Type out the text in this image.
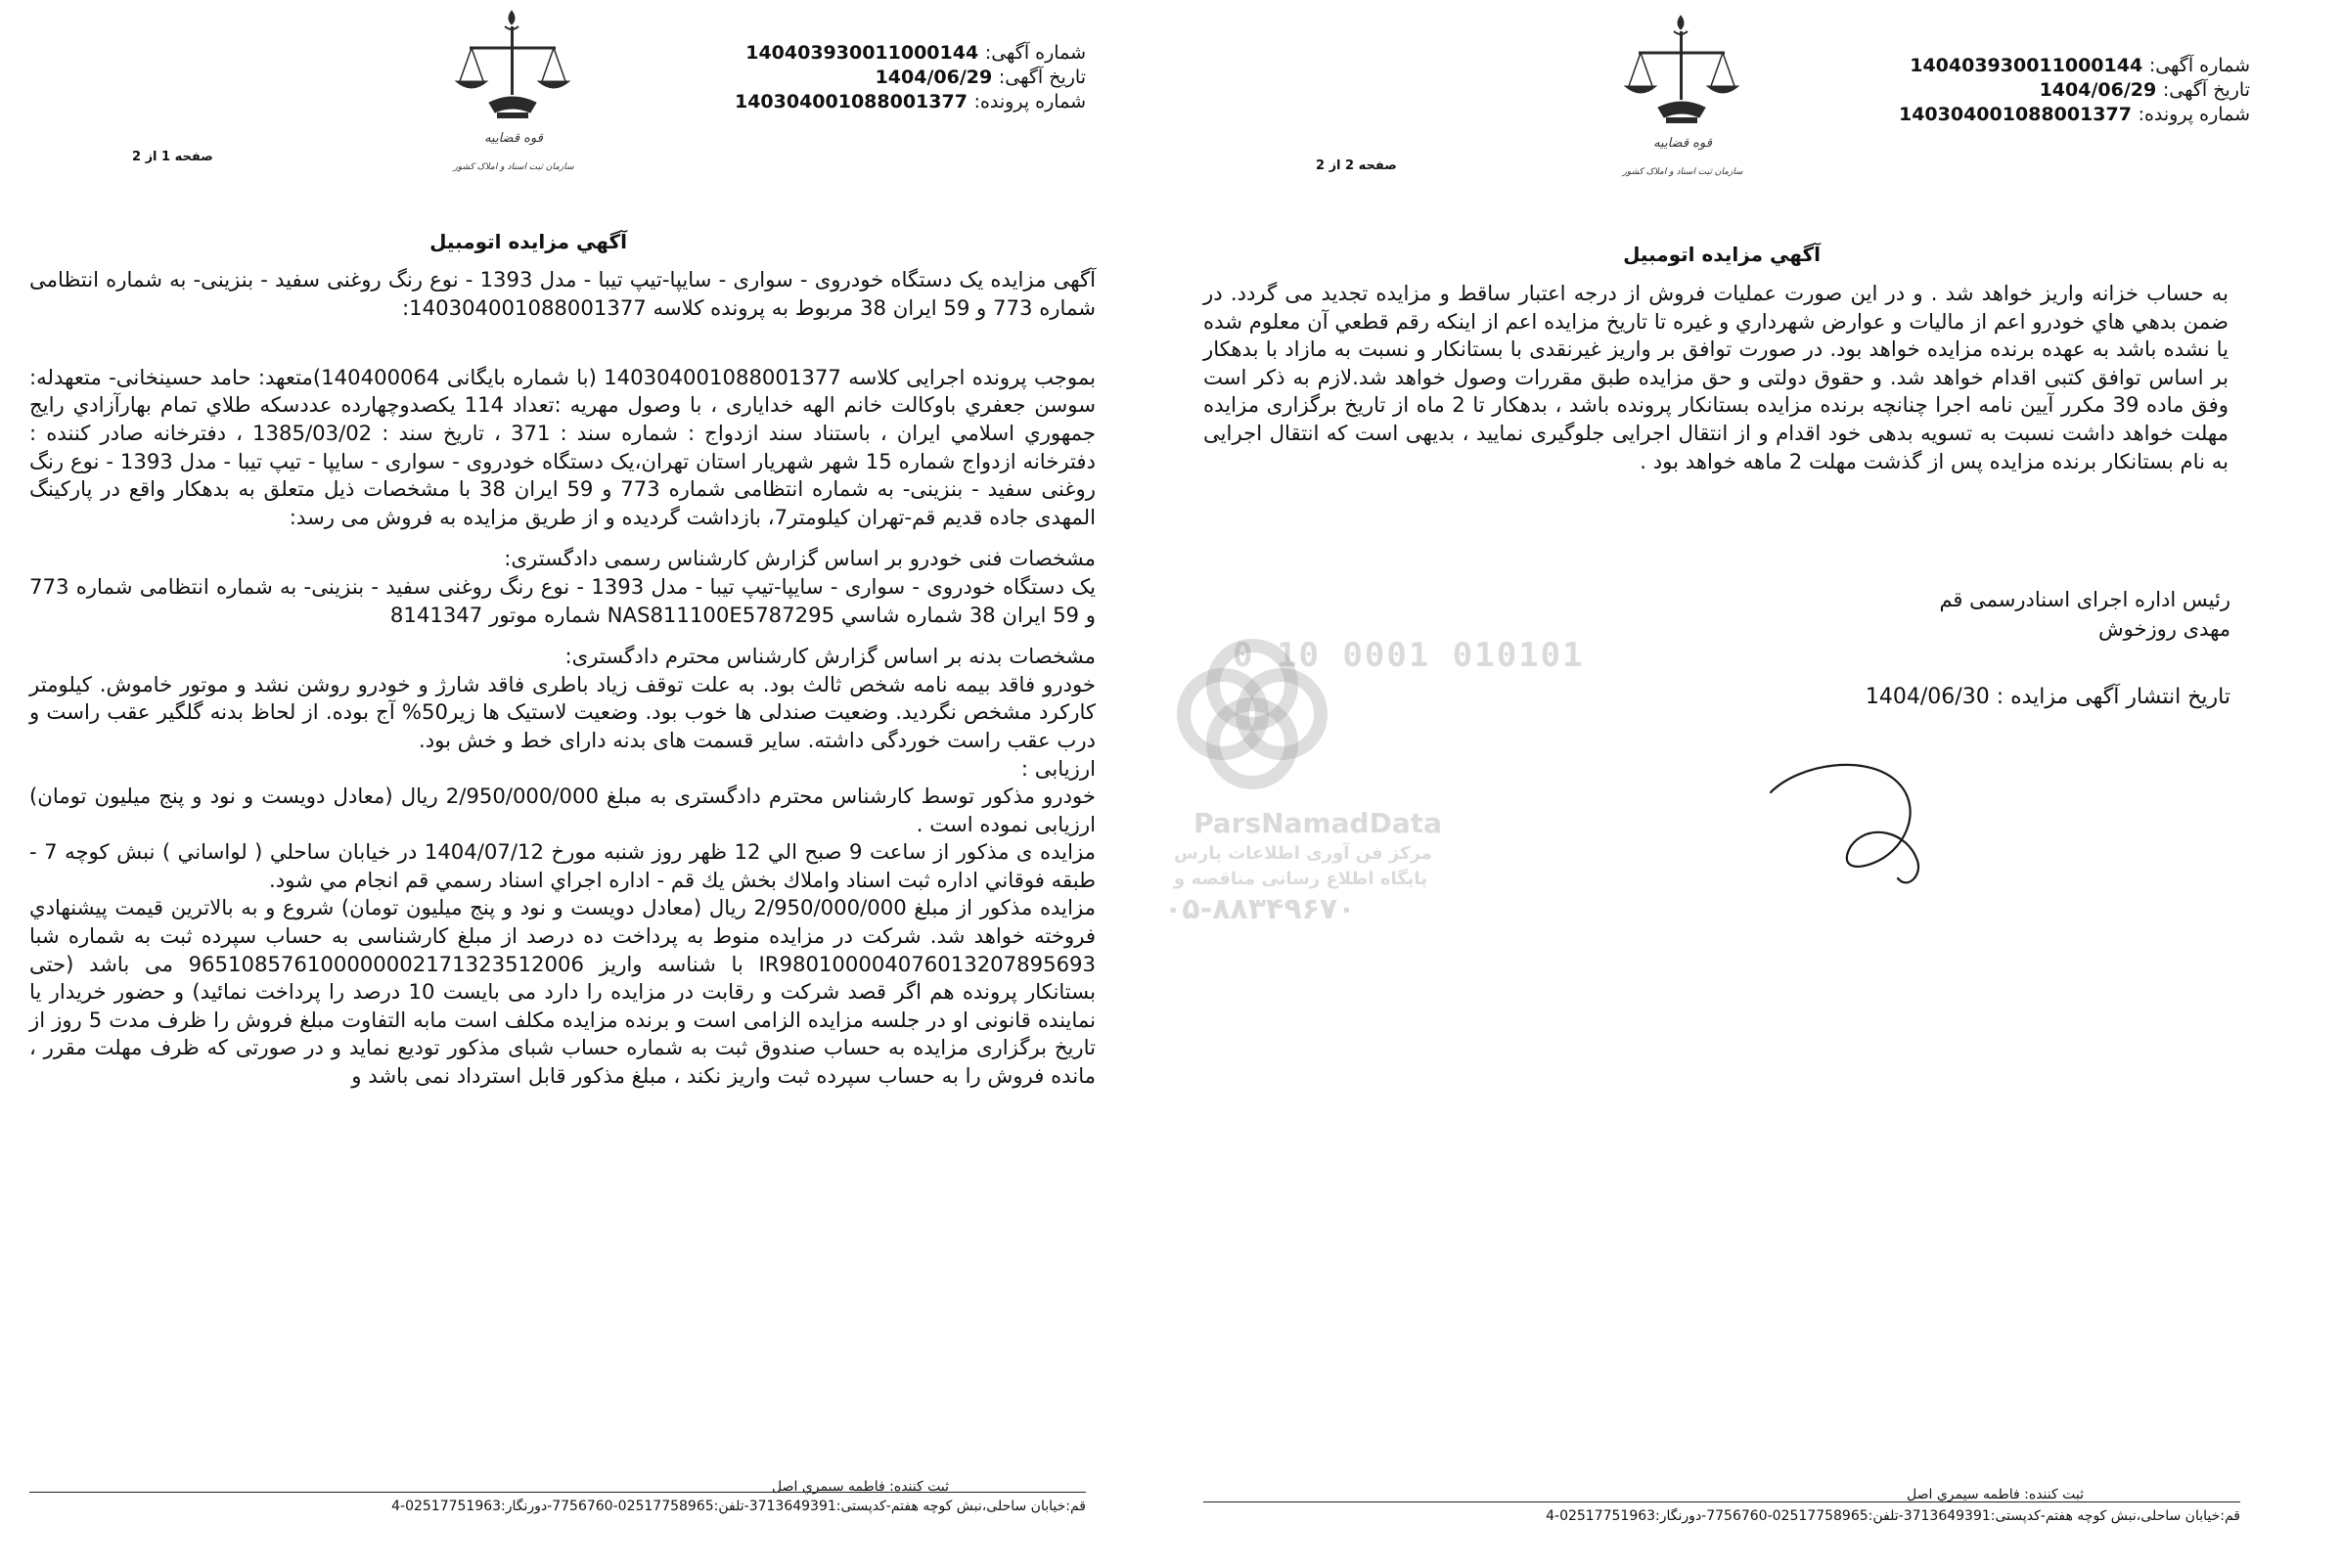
شماره آگهی: 140403930011000144
تاریخ آگهی: 1404/06/29
شماره پرونده: 140304001088001377
قوه قضاییه
سازمان ثبت اسناد و املاک کشور
صفحه 1 از 2
آگهي مزايده اتومبيل

آگهی مزایده یک دستگاه خودروی - سواری - سایپا-تیپ تیبا - مدل 1393 - نوع رنگ روغنی سفید - بنزینی- به شماره انتظامی شماره 773 و 59 ایران 38 مربوط به پرونده کلاسه 140304001088001377:

بموجب پرونده اجرایی کلاسه 140304001088001377 (با شماره بایگانی 140400064)متعهد: حامد حسینخانی- متعهدله: سوسن جعفري باوكالت خانم الهه خدایاری ، با وصول مهریه :تعداد 114 یکصدوچهارده عددسکه طلاي تمام بهارآزادي رايج جمهوري اسلامي ايران ، باستناد سند ازدواج : شماره سند : 371 ، تاریخ سند : 1385/03/02 ، دفترخانه صادر کننده : دفترخانه ازدواج شماره 15 شهر شهریار استان تهران،یک دستگاه خودروی - سواری - سایپا - تیپ تیبا - مدل 1393 - نوع رنگ روغنی سفید - بنزینی- به شماره انتظامی شماره 773 و 59 ایران 38 با مشخصات ذیل متعلق به بدهکار واقع در پارکینگ المهدی جاده قدیم قم-تهران کیلومتر7، بازداشت گردیده و از طریق مزایده به فروش می رسد:

مشخصات فنی خودرو بر اساس گزارش کارشناس رسمی دادگستری:
یک دستگاه خودروی - سواری - سایپا-تیپ تیبا - مدل 1393 - نوع رنگ روغنی سفید - بنزینی- به شماره انتظامی شماره 773 و 59 ایران 38 شماره شاسي NAS811100E5787295 شماره موتور 8141347

مشخصات بدنه بر اساس گزارش کارشناس محترم دادگستری:
خودرو فاقد بیمه نامه شخص ثالث بود. به علت توقف زیاد باطری فاقد شارژ و خودرو روشن نشد و موتور خاموش. کیلومتر کارکرد مشخص نگردید. وضعیت صندلی ها خوب بود. وضعیت لاستیک ها زیر50% آج بوده. از لحاظ بدنه گلگیر عقب راست و درب عقب راست خوردگی داشته. سایر قسمت های بدنه دارای خط و خش بود.
ارزیابی :
خودرو مذکور توسط کارشناس محترم دادگستری به مبلغ 2/950/000/000 ريال (معادل دویست و نود و پنج میلیون تومان) ارزیابی نموده است .
مزايده ی مذکور از ساعت 9 صبح الي 12 ظهر روز شنبه مورخ 1404/07/12 در خيابان ساحلي ( لواساني ) نبش كوچه 7 - طبقه فوقاني اداره ثبت اسناد واملاك بخش يك قم - اداره اجراي اسناد رسمي قم انجام مي شود.
مزايده مذكور از مبلغ 2/950/000/000 ريال (معادل دویست و نود و پنج میلیون تومان) شروع و به بالاترين قيمت پيشنهادي فروخته خواهد شد. شرکت در مزایده منوط به پرداخت ده درصد از مبلغ کارشناسی به حساب سپرده ثبت به شماره شبا IR980100004076013207895693 با شناسه واریز 965108576100000002171323512006 می باشد (حتی بستانکار پرونده هم اگر قصد شرکت و رقابت در مزایده را دارد می بایست 10 درصد را پرداخت نمائید) و حضور خریدار یا نماینده قانونی او در جلسه مزایده الزامی است و برنده مزایده مکلف است مابه التفاوت مبلغ فروش را ظرف مدت 5 روز از تاریخ برگزاری مزایده به حساب صندوق ثبت به شماره حساب شبای مذکور تودیع نماید و در صورتی که ظرف مهلت مقرر ، مانده فروش را به حساب سپرده ثبت واریز نکند ، مبلغ مذکور قابل استرداد نمی باشد و

ثبت کننده: فاطمه سيمري اصل
قم:خیابان ساحلی،نبش کوچه هفتم-کدپستی:3713649391-تلفن:02517758965-7756760-دورنگار:02517751963-4
شماره آگهی: 140403930011000144
تاریخ آگهی: 1404/06/29
شماره پرونده: 140304001088001377
قوه قضاییه
سازمان ثبت اسناد و املاک کشور
صفحه 2 از 2
آگهي مزايده اتومبيل

به حساب خزانه واریز خواهد شد . و در این صورت عملیات فروش از درجه اعتبار ساقط و مزایده تجدید می گردد. در ضمن بدهي هاي خودرو اعم از ماليات و عوارض شهرداري و غيره تا تاريخ مزايده اعم از اينكه رقم قطعي آن معلوم شده يا نشده باشد به عهده برنده مزايده خواهد بود. در صورت توافق بر واریز غیرنقدی با بستانکار و نسبت به مازاد با بدهکار بر اساس توافق کتبی اقدام خواهد شد. و حقوق دولتی و حق مزایده طبق مقررات وصول خواهد شد.لازم به ذکر است وفق ماده 39 مکرر آیین نامه اجرا چنانچه برنده مزایده بستانکار پرونده باشد ، بدهکار تا 2 ماه از تاریخ برگزاری مزایده مهلت خواهد داشت نسبت به تسویه بدهی خود اقدام و از انتقال اجرایی جلوگیری نمایید ، بدیهی است که انتقال اجرایی به نام بستانکار برنده مزایده پس از گذشت مهلت 2 ماهه خواهد بود .

رئیس اداره اجرای اسنادرسمی قم
مهدی روزخوش
تاریخ انتشار آگهی مزایده : 1404/06/30
ثبت کننده: فاطمه سيمري اصل
قم:خیابان ساحلی،نبش کوچه هفتم-کدپستی:3713649391-تلفن:02517758965-7756760-دورنگار:02517751963-4
010101 0001 10 0
ParsNamadData
مرکز فن آوری اطلاعات پارس
پایگاه اطلاع رسانی مناقصه و
۰۵-۸۸۳۴۹۶۷۰
